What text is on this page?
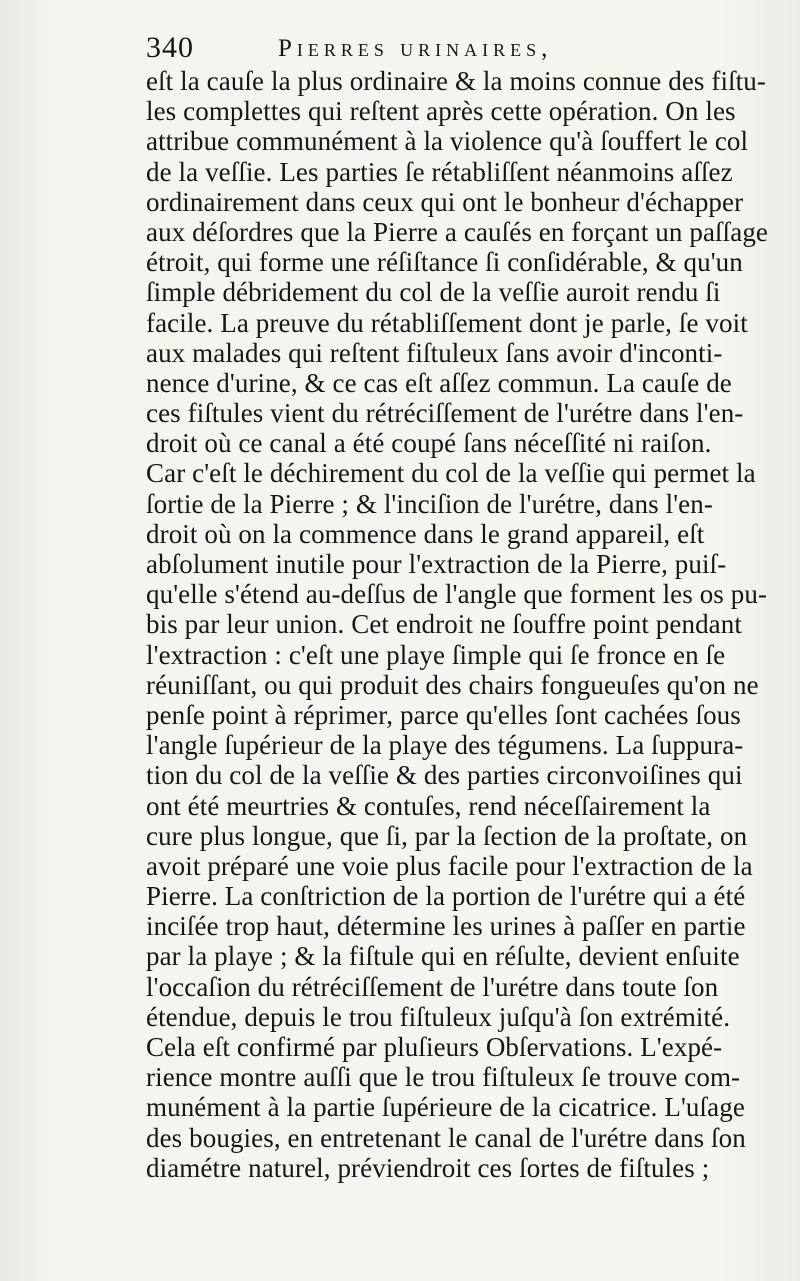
340	Pierres urinaires,
eſt la cauſe la plus ordinaire & la moins connue des fiſtu-
les complettes qui reſtent après cette opération. On les
attribue communément à la violence qu'à ſouffert le col
de la veſſie. Les parties ſe rétabliſſent néanmoins aſſez
ordinairement dans ceux qui ont le bonheur d'échapper
aux déſordres que la Pierre a cauſés en forçant un paſſage
étroit, qui forme une réſiſtance ſi conſidérable, & qu'un
ſimple débridement du col de la veſſie auroit rendu ſi
facile. La preuve du rétabliſſement dont je parle, ſe voit
aux malades qui reſtent fiſtuleux ſans avoir d'inconti-
nence d'urine, & ce cas eſt aſſez commun. La cauſe de
ces fiſtules vient du rétréciſſement de l'urétre dans l'en-
droit où ce canal a été coupé ſans néceſſité ni raiſon.
Car c'eſt le déchirement du col de la veſſie qui permet la
ſortie de la Pierre ; & l'inciſion de l'urétre, dans l'en-
droit où on la commence dans le grand appareil, eſt
abſolument inutile pour l'extraction de la Pierre, puiſ-
qu'elle s'étend au-deſſus de l'angle que forment les os pu-
bis par leur union. Cet endroit ne ſouffre point pendant
l'extraction : c'eſt une playe ſimple qui ſe fronce en ſe
réuniſſant, ou qui produit des chairs fongueuſes qu'on ne
penſe point à réprimer, parce qu'elles ſont cachées ſous
l'angle ſupérieur de la playe des tégumens. La ſuppura-
tion du col de la veſſie & des parties circonvoiſines qui
ont été meurtries & contuſes, rend néceſſairement la
cure plus longue, que ſi, par la ſection de la proſtate, on
avoit préparé une voie plus facile pour l'extraction de la
Pierre. La conſtriction de la portion de l'urétre qui a été
inciſée trop haut, détermine les urines à paſſer en partie
par la playe ; & la fiſtule qui en réſulte, devient enſuite
l'occaſion du rétréciſſement de l'urétre dans toute ſon
étendue, depuis le trou fiſtuleux juſqu'à ſon extrémité.
Cela eſt confirmé par pluſieurs Obſervations. L'expé-
rience montre auſſi que le trou fiſtuleux ſe trouve com-
munément à la partie ſupérieure de la cicatrice. L'uſage
des bougies, en entretenant le canal de l'urétre dans ſon
diamétre naturel, préviendroit ces ſortes de fiſtules ;
